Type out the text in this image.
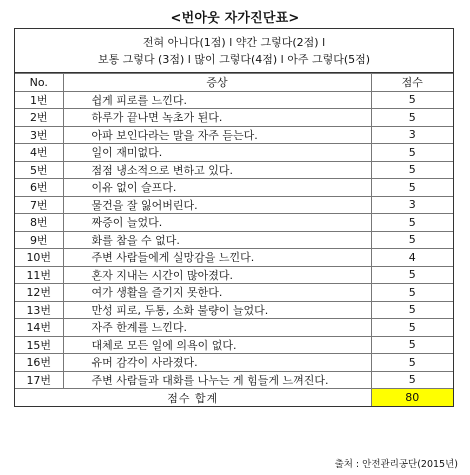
<번아웃 자가진단표>
전혀 아니다(1점) l 약간 그렇다(2점) l
보통 그렇다 (3점) l 많이 그렇다(4점) l 아주 그렇다(5점)
No.	증상	점수
1번	쉽게 피로를 느낀다.	5
2번	하루가 끝나면 녹초가 된다.	5
3번	아파 보인다라는 말을 자주 듣는다.	3
4번	일이 재미없다.	5
5번	점점 냉소적으로 변하고 있다.	5
6번	이유 없이 슬프다.	5
7번	물건을 잘 잃어버린다.	3
8번	짜증이 늘었다.	5
9번	화를 참을 수 없다.	5
10번	주변 사람들에게 실망감을 느낀다.	4
11번	혼자 지내는 시간이 많아졌다.	5
12번	여가 생활을 즐기지 못한다.	5
13번	만성 피로, 두통, 소화 불량이 늘었다.	5
14번	자주 한계를 느낀다.	5
15번	대체로 모든 일에 의욕이 없다.	5
16번	유머 감각이 사라졌다.	5
17번	주변 사람들과 대화를 나누는 게 힘들게 느껴진다.	5
점수 합계		80
출처 : 안전관리공단(2015년)
